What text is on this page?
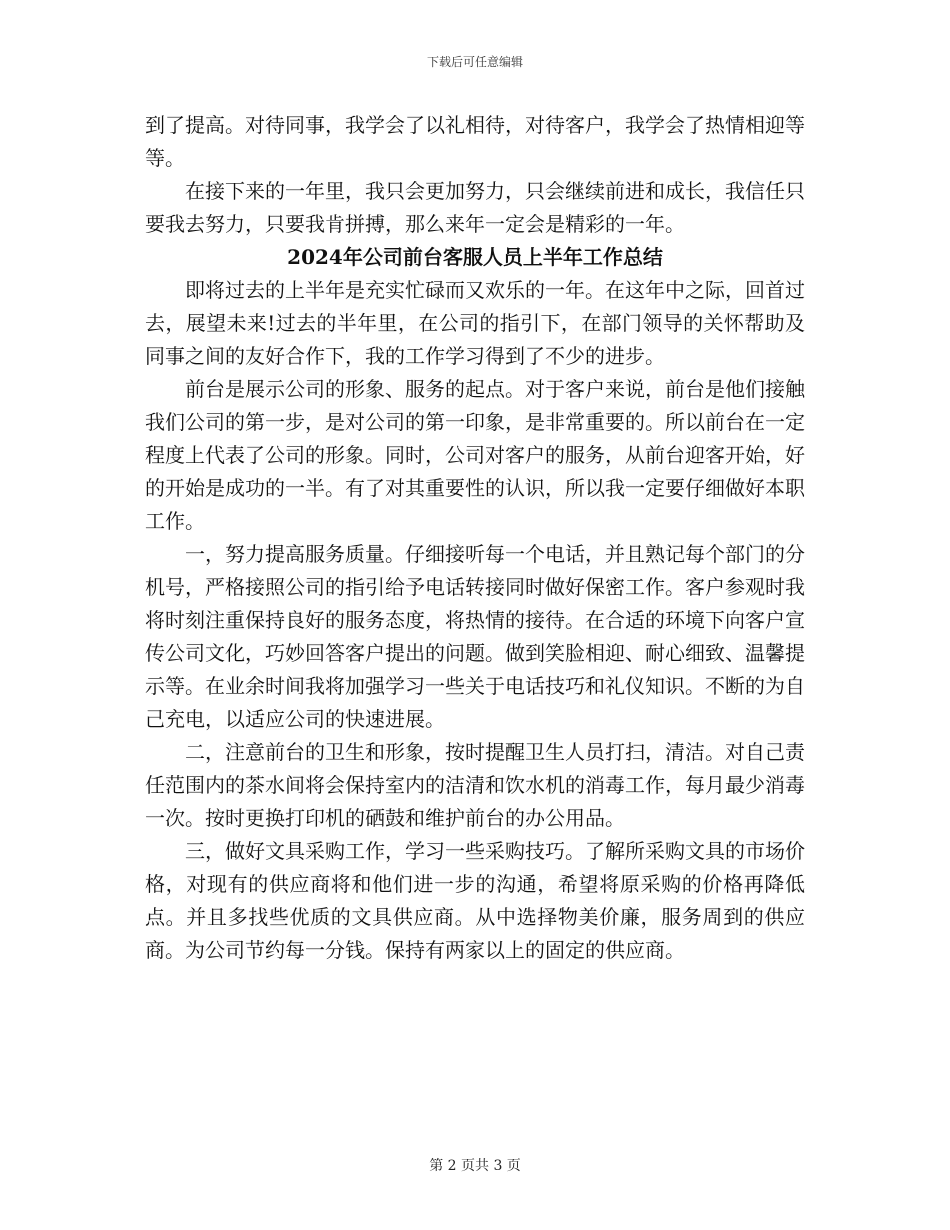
下载后可任意编辑

到了提高。对待同事，我学会了以礼相待，对待客户，我学会了热情相迎等等。

在接下来的一年里，我只会更加努力，只会继续前进和成长，我信任只要我去努力，只要我肯拼搏，那么来年一定会是精彩的一年。

2024年公司前台客服人员上半年工作总结

即将过去的上半年是充实忙碌而又欢乐的一年。在这年中之际，回首过去，展望未来!过去的半年里，在公司的指引下，在部门领导的关怀帮助及同事之间的友好合作下，我的工作学习得到了不少的进步。

前台是展示公司的形象、服务的起点。对于客户来说，前台是他们接触我们公司的第一步，是对公司的第一印象，是非常重要的。所以前台在一定程度上代表了公司的形象。同时，公司对客户的服务，从前台迎客开始，好的开始是成功的一半。有了对其重要性的认识，所以我一定要仔细做好本职工作。

一，努力提高服务质量。仔细接听每一个电话，并且熟记每个部门的分机号，严格接照公司的指引给予电话转接同时做好保密工作。客户参观时我将时刻注重保持良好的服务态度，将热情的接待。在合适的环境下向客户宣传公司文化，巧妙回答客户提出的问题。做到笑脸相迎、耐心细致、温馨提示等。在业余时间我将加强学习一些关于电话技巧和礼仪知识。不断的为自己充电，以适应公司的快速进展。

二，注意前台的卫生和形象，按时提醒卫生人员打扫，清洁。对自己责任范围内的茶水间将会保持室内的洁清和饮水机的消毒工作，每月最少消毒一次。按时更换打印机的硒鼓和维护前台的办公用品。

三，做好文具采购工作，学习一些采购技巧。了解所采购文具的市场价格，对现有的供应商将和他们进一步的沟通，希望将原采购的价格再降低点。并且多找些优质的文具供应商。从中选择物美价廉，服务周到的供应商。为公司节约每一分钱。保持有两家以上的固定的供应商。

第 2 页共 3 页
